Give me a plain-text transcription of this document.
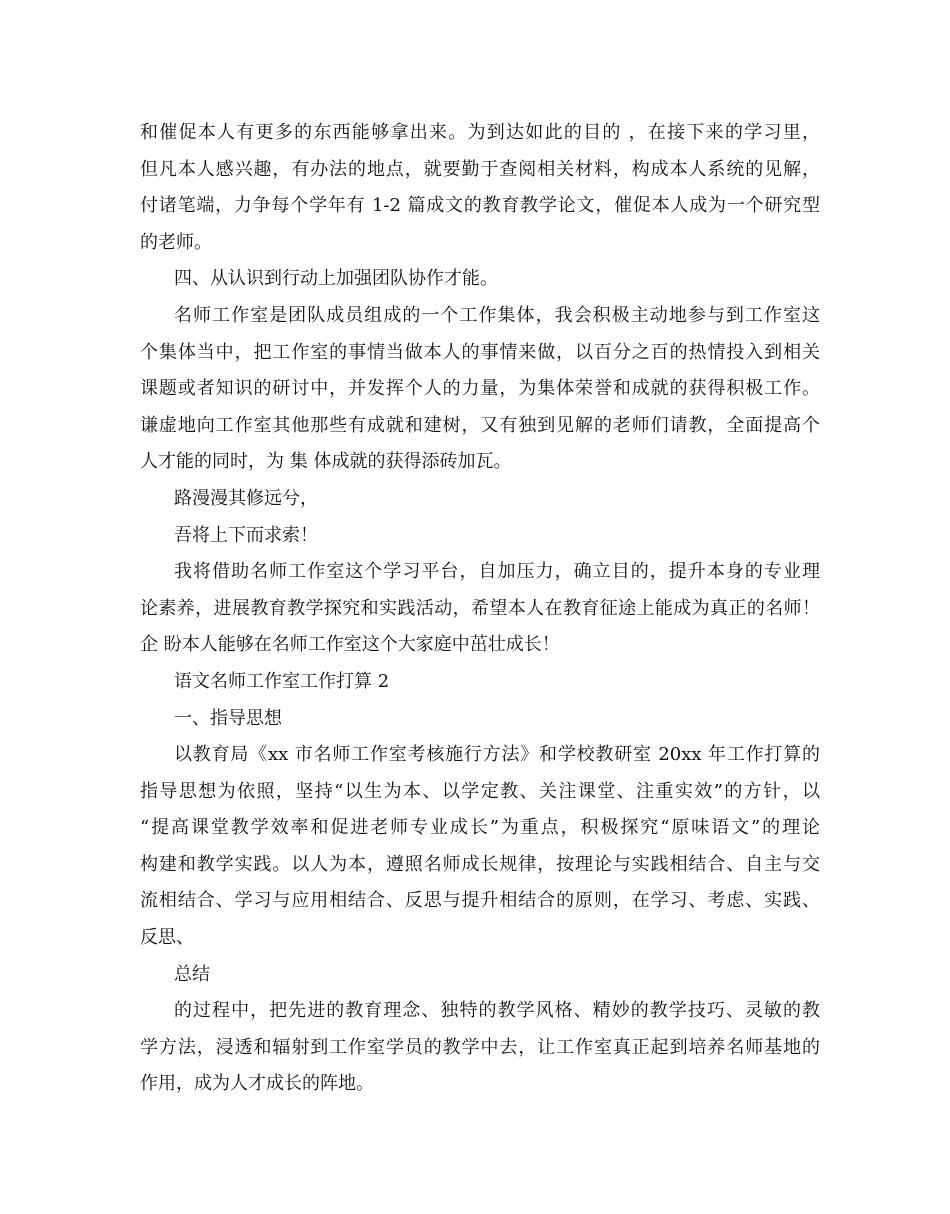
和催促本人有更多的东西能够拿出来。为到达如此的目的 ，在接下来的学习里，
但凡本人感兴趣，有办法的地点，就要勤于查阅相关材料，构成本人系统的见解，
付诸笔端，力争每个学年有 1-2 篇成文的教育教学论文，催促本人成为一个研究型
的老师。
四、从认识到行动上加强团队协作才能。
名师工作室是团队成员组成的一个工作集体，我会积极主动地参与到工作室这
个集体当中，把工作室的事情当做本人的事情来做，以百分之百的热情投入到相关
课题或者知识的研讨中，并发挥个人的力量，为集体荣誉和成就的获得积极工作。
谦虚地向工作室其他那些有成就和建树，又有独到见解的老师们请教，全面提高个
人才能的同时，为 集 体成就的获得添砖加瓦。
路漫漫其修远兮，
吾将上下而求索！
我将借助名师工作室这个学习平台，自加压力，确立目的，提升本身的专业理
论素养，进展教育教学探究和实践活动，希望本人在教育征途上能成为真正的名师！
企 盼本人能够在名师工作室这个大家庭中茁壮成长！
语文名师工作室工作打算 2
一、指导思想
以教育局《xx 市名师工作室考核施行方法》和学校教研室 20xx 年工作打算的
指导思想为依照，坚持“以生为本、以学定教、关注课堂、注重实效”的方针，以
“提高课堂教学效率和促进老师专业成长”为重点，积极探究“原味语文”的理论
构建和教学实践。以人为本，遵照名师成长规律，按理论与实践相结合、自主与交
流相结合、学习与应用相结合、反思与提升相结合的原则，在学习、考虑、实践、
反思、
总结
的过程中，把先进的教育理念、独特的教学风格、精妙的教学技巧、灵敏的教
学方法，浸透和辐射到工作室学员的教学中去，让工作室真正起到培养名师基地的
作用，成为人才成长的阵地。
